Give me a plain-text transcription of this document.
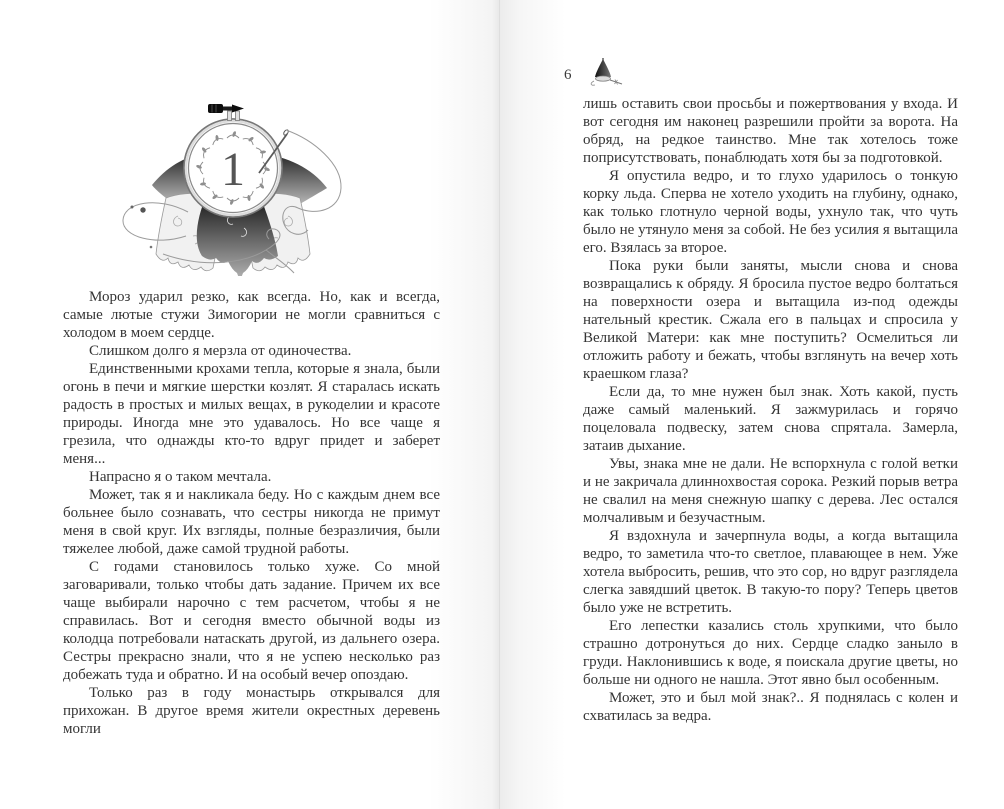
1

Мороз ударил резко, как всегда. Но, как и всегда, самые лютые стужи Зимогории не могли сравниться с холодом в моем сердце.

Слишком долго я мерзла от одиночества.

Единственными крохами тепла, которые я знала, были огонь в печи и мягкие шерстки козлят. Я старалась искать радость в простых и милых вещах, в рукоделии и красоте природы. Иногда мне это удавалось. Но все чаще я грезила, что однажды кто-то вдруг придет и заберет меня...

Напрасно я о таком мечтала.

Может, так я и накликала беду. Но с каждым днем все больнее было сознавать, что сестры никогда не примут меня в свой круг. Их взгляды, полные безразличия, были тяжелее любой, даже самой трудной работы.

С годами становилось только хуже. Со мной заговаривали, только чтобы дать задание. Причем их все чаще выбирали нарочно с тем расчетом, чтобы я не справилась. Вот и сегодня вместо обычной воды из колодца потребовали натаскать другой, из дальнего озера. Сестры прекрасно знали, что я не успею несколько раз добежать туда и обратно. И на особый вечер опоздаю.

Только раз в году монастырь открывался для прихожан. В другое время жители окрестных деревень могли

6

лишь оставить свои просьбы и пожертвования у входа. И вот сегодня им наконец разрешили пройти за ворота. На обряд, на редкое таинство. Мне так хотелось тоже поприсутствовать, понаблюдать хотя бы за подготовкой.

Я опустила ведро, и то глухо ударилось о тонкую корку льда. Сперва не хотело уходить на глубину, однако, как только глотнуло черной воды, ухнуло так, что чуть было не утянуло меня за собой. Не без усилия я вытащила его. Взялась за второе.

Пока руки были заняты, мысли снова и снова возвращались к обряду. Я бросила пустое ведро болтаться на поверхности озера и вытащила из-под одежды нательный крестик. Сжала его в пальцах и спросила у Великой Матери: как мне поступить? Осмелиться ли отложить работу и бежать, чтобы взглянуть на вечер хоть краешком глаза?

Если да, то мне нужен был знак. Хоть какой, пусть даже самый маленький. Я зажмурилась и горячо поцеловала подвеску, затем снова спрятала. Замерла, затаив дыхание.

Увы, знака мне не дали. Не вспорхнула с голой ветки и не закричала длиннохвостая сорока. Резкий порыв ветра не свалил на меня снежную шапку с дерева. Лес остался молчаливым и безучастным.

Я вздохнула и зачерпнула воды, а когда вытащила ведро, то заметила что-то светлое, плавающее в нем. Уже хотела выбросить, решив, что это сор, но вдруг разглядела слегка завядший цветок. В такую-то пору? Теперь цветов было уже не встретить.

Его лепестки казались столь хрупкими, что было страшно дотронуться до них. Сердце сладко заныло в груди. Наклонившись к воде, я поискала другие цветы, но больше ни одного не нашла. Этот явно был особенным.

Может, это и был мой знак?.. Я поднялась с колен и схватилась за ведра.
